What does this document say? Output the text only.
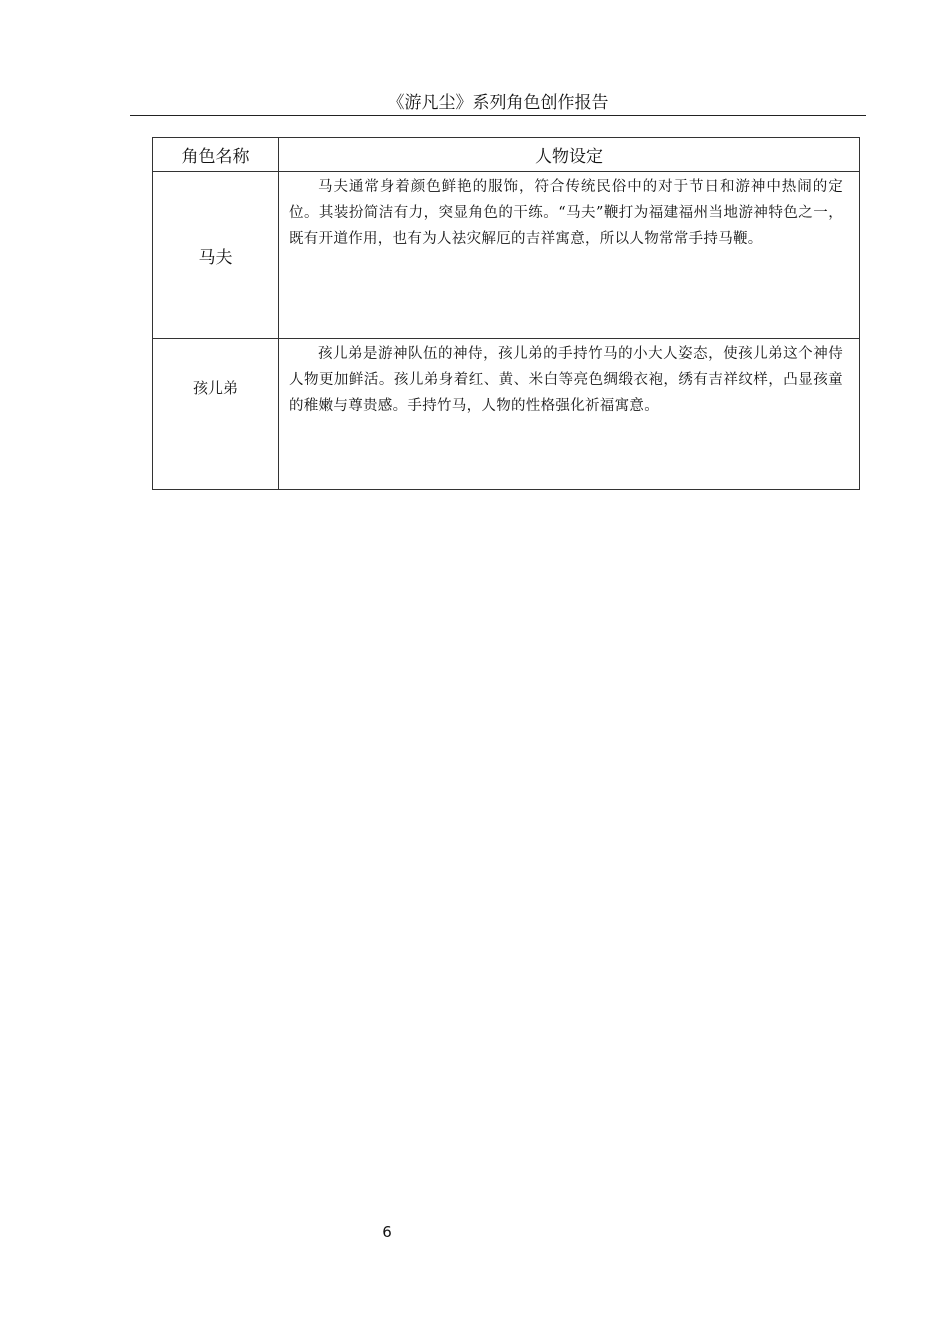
《游凡尘》系列角色创作报告
角色名称	人物设定

马夫	马夫通常身着颜色鲜艳的服饰，符合传统民俗中的对于节日和游神中热闹的定位。其装扮简洁有力，突显角色的干练。“马夫”鞭打为福建福州当地游神特色之一，既有开道作用，也有为人祛灾解厄的吉祥寓意，所以人物常常手持马鞭。

孩儿弟	孩儿弟是游神队伍的神侍，孩儿弟的手持竹马的小大人姿态，使孩儿弟这个神侍人物更加鲜活。孩儿弟身着红、黄、米白等亮色绸缎衣袍，绣有吉祥纹样，凸显孩童的稚嫩与尊贵感。手持竹马，人物的性格强化祈福寓意。
6
